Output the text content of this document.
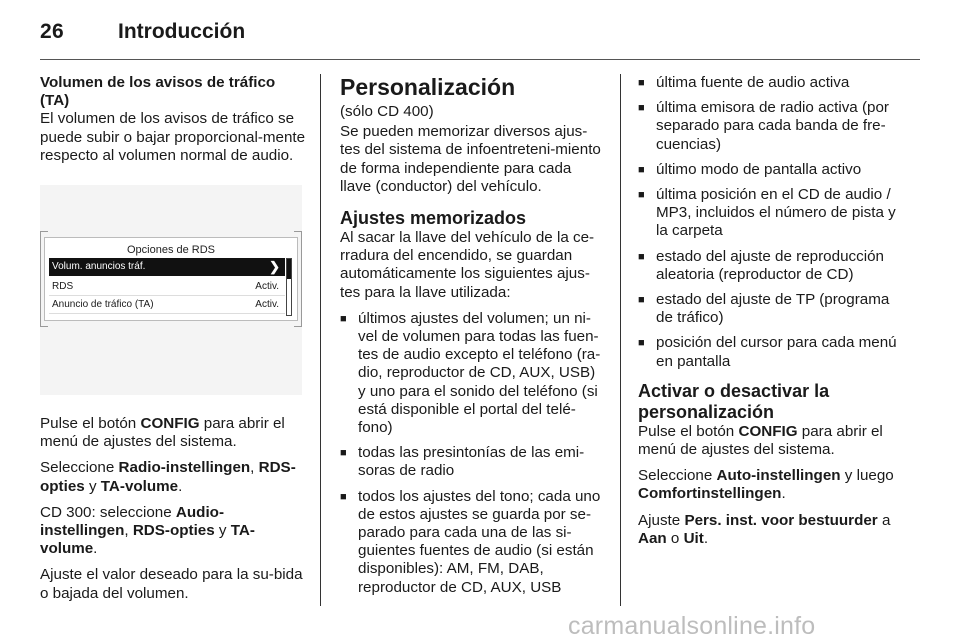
26	Introducción
Volumen de los avisos de tráfico (TA)

El volumen de los avisos de tráfico se puede subir o bajar proporcional-mente respecto al volumen normal de audio.

Opciones de RDS
Volum. anuncios tráf.	❯
RDS	Activ.
Anuncio de tráfico (TA)	Activ.

Pulse el botón CONFIG para abrir el menú de ajustes del sistema.

Seleccione Radio-instellingen, RDS-opties y TA-volume.

CD 300: seleccione Audio-instellingen, RDS-opties y TA-volume.

Ajuste el valor deseado para la su-bida o bajada del volumen.

Personalización

(sólo CD 400)

Se pueden memorizar diversos ajus-tes del sistema de infoentreteni-miento de forma independiente para cada llave (conductor) del vehículo.

Ajustes memorizados

Al sacar la llave del vehículo de la ce-rradura del encendido, se guardan automáticamente los siguientes ajus-tes para la llave utilizada:

■ últimos ajustes del volumen; un ni-vel de volumen para todas las fuen-tes de audio excepto el teléfono (ra-dio, reproductor de CD, AUX, USB) y uno para el sonido del teléfono (si está disponible el portal del telé-fono)
■ todas las presintonías de las emi-soras de radio
■ todos los ajustes del tono; cada uno de estos ajustes se guarda por se-parado para cada una de las si-guientes fuentes de audio (si están disponibles): AM, FM, DAB, reproductor de CD, AUX, USB
■ última fuente de audio activa
■ última emisora de radio activa (por separado para cada banda de fre-cuencias)
■ último modo de pantalla activo
■ última posición en el CD de audio / MP3, incluidos el número de pista y la carpeta
■ estado del ajuste de reproducción aleatoria (reproductor de CD)
■ estado del ajuste de TP (programa de tráfico)
■ posición del cursor para cada menú en pantalla
Activar o desactivar la personalización

Pulse el botón CONFIG para abrir el menú de ajustes del sistema.

Seleccione Auto-instellingen y luego Comfortinstellingen.

Ajuste Pers. inst. voor bestuurder a Aan o Uit.

carmanualsonline.info
